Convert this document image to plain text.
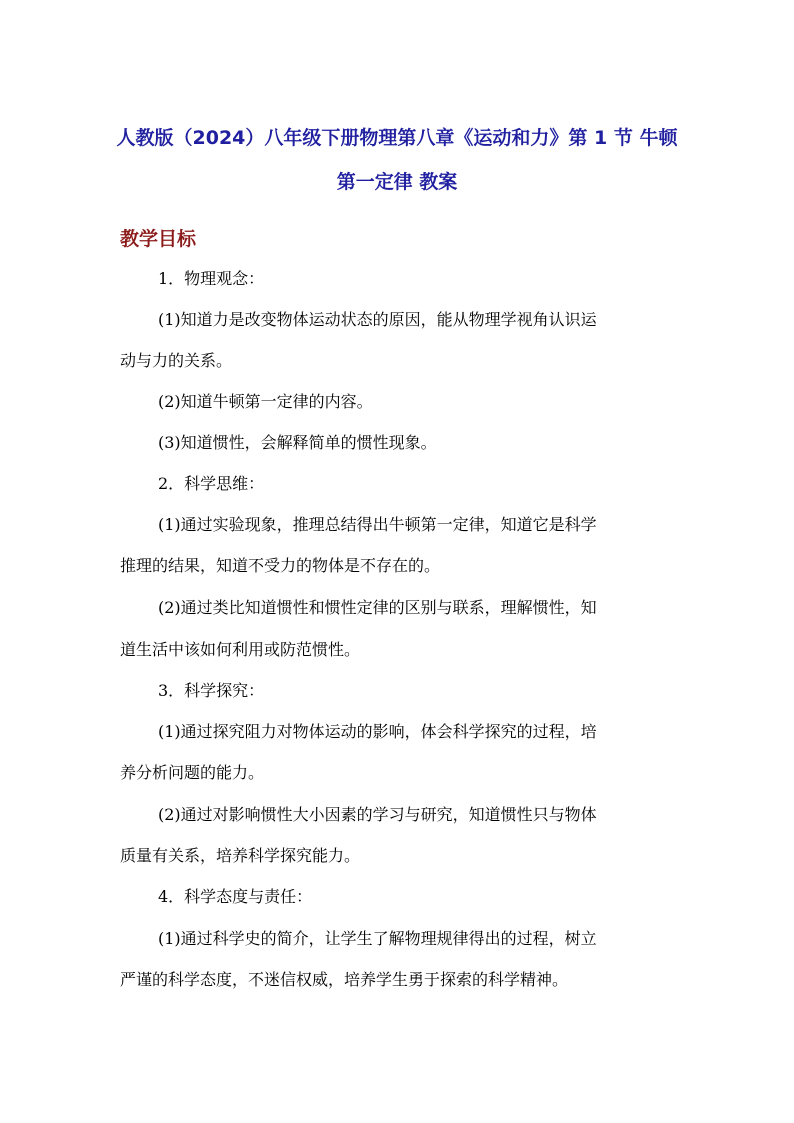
人教版（2024）八年级下册物理第八章《运动和力》第 1 节 牛顿
第一定律 教案
教学目标
1．物理观念：
(1)知道力是改变物体运动状态的原因，能从物理学视角认识运
动与力的关系。
(2)知道牛顿第一定律的内容。
(3)知道惯性，会解释简单的惯性现象。
2．科学思维：
(1)通过实验现象，推理总结得出牛顿第一定律，知道它是科学
推理的结果，知道不受力的物体是不存在的。
(2)通过类比知道惯性和惯性定律的区别与联系，理解惯性，知
道生活中该如何利用或防范惯性。
3．科学探究：
(1)通过探究阻力对物体运动的影响，体会科学探究的过程，培
养分析问题的能力。
(2)通过对影响惯性大小因素的学习与研究，知道惯性只与物体
质量有关系，培养科学探究能力。
4．科学态度与责任：
(1)通过科学史的简介，让学生了解物理规律得出的过程，树立
严谨的科学态度，不迷信权威，培养学生勇于探索的科学精神。
